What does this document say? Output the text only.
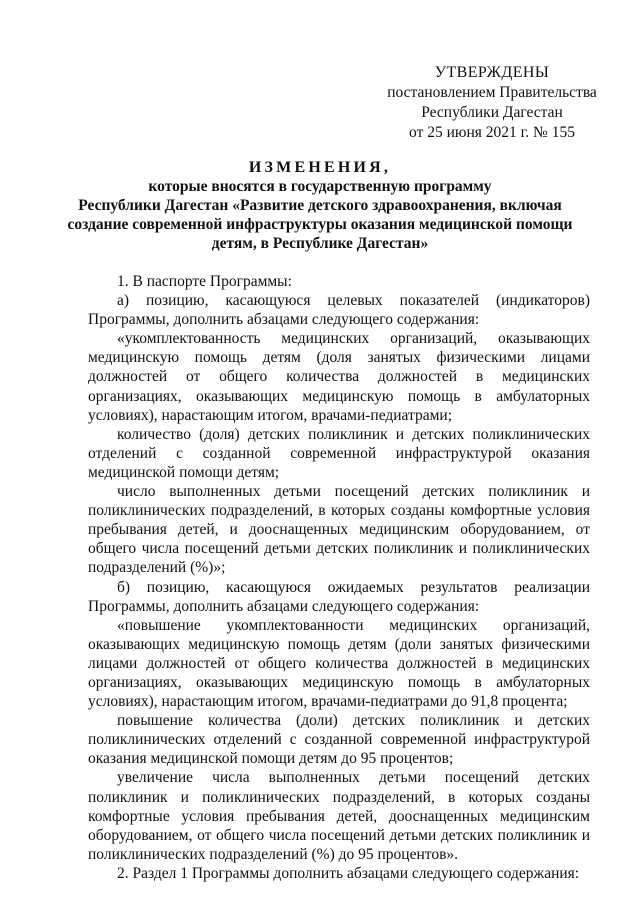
УТВЕРЖДЕНЫ
постановлением Правительства
Республики Дагестан
от 25 июня 2021 г. № 155
ИЗМЕНЕНИЯ,
которые вносятся в государственную программу
Республики Дагестан «Развитие детского здравоохранения, включая
создание современной инфраструктуры оказания медицинской помощи
детям, в Республике Дагестан»

1. В паспорте Программы:

а) позицию, касающуюся целевых показателей (индикаторов) Программы, дополнить абзацами следующего содержания:

«укомплектованность медицинских организаций, оказывающих медицинскую помощь детям (доля занятых физическими лицами должностей от общего количества должностей в медицинских организациях, оказывающих медицинскую помощь в амбулаторных условиях), нарастающим итогом, врачами-педиатрами;

количество (доля) детских поликлиник и детских поликлинических отделений с созданной современной инфраструктурой оказания медицинской помощи детям;

число выполненных детьми посещений детских поликлиник и поликлинических подразделений, в которых созданы комфортные условия пребывания детей, и дооснащенных медицинским оборудованием, от общего числа посещений детьми детских поликлиник и поликлинических подразделений (%)»;

б) позицию, касающуюся ожидаемых результатов реализации Программы, дополнить абзацами следующего содержания:

«повышение укомплектованности медицинских организаций, оказывающих медицинскую помощь детям (доли занятых физическими лицами должностей от общего количества должностей в медицинских организациях, оказывающих медицинскую помощь в амбулаторных условиях), нарастающим итогом, врачами-педиатрами до 91,8 процента;

повышение количества (доли) детских поликлиник и детских поликлинических отделений с созданной современной инфраструктурой оказания медицинской помощи детям до 95 процентов;

увеличение числа выполненных детьми посещений детских поликлиник и поликлинических подразделений, в которых созданы комфортные условия пребывания детей, дооснащенных медицинским оборудованием, от общего числа посещений детьми детских поликлиник и поликлинических подразделений (%) до 95 процентов».

2. Раздел 1 Программы дополнить абзацами следующего содержания:
